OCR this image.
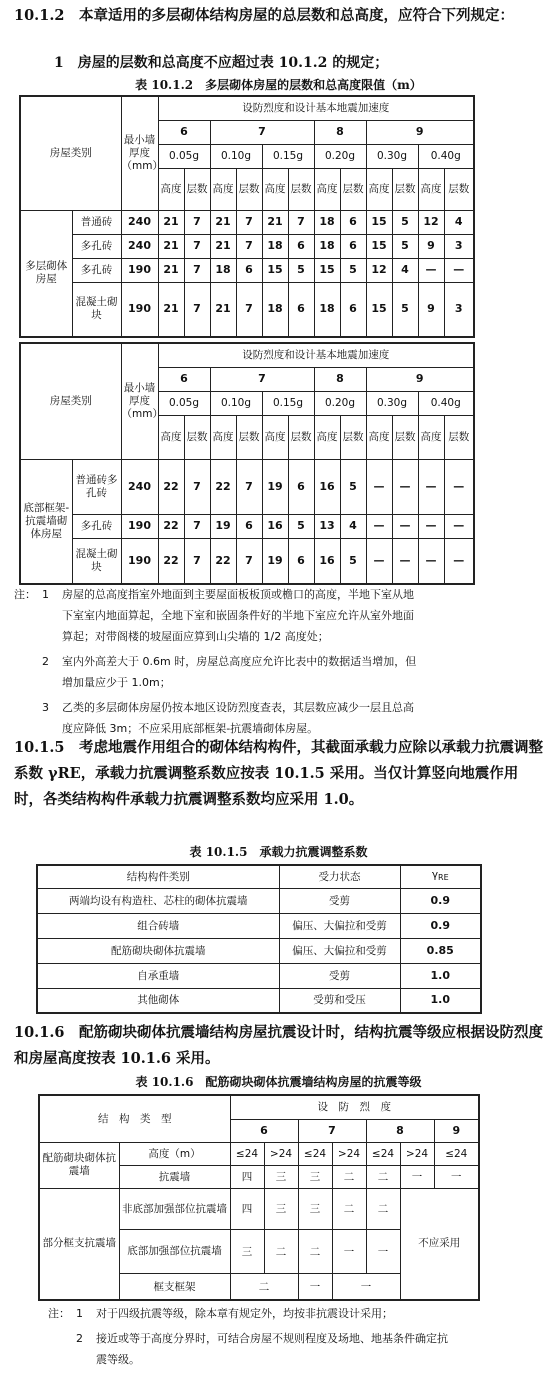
10.1.2　本章适用的多层砌体结构房屋的总层数和总高度，应符合下列规定：

1　房屋的层数和总高度不应超过表 10.1.2 的规定；

表 10.1.2　多层砌体房屋的层数和总高度限值（m）

房屋类别		最小墙厚度（mm）	设防烈度和设计基本地震加速度											
			6		7				8		9			
			0.05g		0.10g		0.15g		0.20g		0.30g		0.40g	
			高度	层数	高度	层数	高度	层数	高度	层数	高度	层数	高度	层数
多层砌体房屋	普通砖	240	21	7	21	7	21	7	18	6	15	5	12	4
	多孔砖	240	21	7	21	7	18	6	18	6	15	5	9	3
	多孔砖	190	21	7	18	6	15	5	15	5	12	4	—	—
	混凝土砌块	190	21	7	21	7	18	6	18	6	15	5	9	3
房屋类别		最小墙厚度（mm）	设防烈度和设计基本地震加速度											
			6		7				8		9			
			0.05g		0.10g		0.15g		0.20g		0.30g		0.40g	
			高度	层数	高度	层数	高度	层数	高度	层数	高度	层数	高度	层数
底部框架-抗震墙砌体房屋	普通砖多孔砖	240	22	7	22	7	19	6	16	5	—	—	—	—
	多孔砖	190	22	7	19	6	16	5	13	4	—	—	—	—
	混凝土砌块	190	22	7	22	7	19	6	16	5	—	—	—	—
注： 1	房屋的总高度指室外地面到主要屋面板板顶或檐口的高度，半地下室从地
下室室内地面算起，全地下室和嵌固条件好的半地下室应允许从室外地面
算起；对带阁楼的坡屋面应算到山尖墙的 1/2 高度处；
2	室内外高差大于 0.6m 时，房屋总高度应允许比表中的数据适当增加，但
增加量应少于 1.0m；
3	乙类的多层砌体房屋仍按本地区设防烈度查表，其层数应减少一层且总高
度应降低 3m；不应采用底部框架-抗震墙砌体房屋。

10.1.5　考虑地震作用组合的砌体结构构件，其截面承载力应除以承载力抗震调整系数 γRE，承载力抗震调整系数应按表 10.1.5 采用。当仅计算竖向地震作用时，各类结构构件承载力抗震调整系数均应采用 1.0。

表 10.1.5　承载力抗震调整系数

结构构件类别	受力状态	γRE
两端均设有构造柱、芯柱的砌体抗震墙	受剪	0.9
组合砖墙	偏压、大偏拉和受剪	0.9
配筋砌块砌体抗震墙	偏压、大偏拉和受剪	0.85
自承重墙	受剪	1.0
其他砌体	受剪和受压	1.0

10.1.6　配筋砌块砌体抗震墙结构房屋抗震设计时，结构抗震等级应根据设防烈度和房屋高度按表 10.1.6 采用。

表 10.1.6　配筋砌块砌体抗震墙结构房屋的抗震等级

结　构　类　型		设　防　烈　度						
		6		7		8		9
配筋砌块砌体抗震墙	高度（m）	≤24	>24	≤24	>24	≤24	>24	≤24
	抗震墙	四	三	三	二	二	一	一
部分框支抗震墙	非底部加强部位抗震墙	四	三	三	二	二	不应采用	
	底部加强部位抗震墙	三	二	二	一	一		
	框支框架	二		一	一			
注： 1	对于四级抗震等级，除本章有规定外，均按非抗震设计采用；
2	接近或等于高度分界时，可结合房屋不规则程度及场地、地基条件确定抗
震等级。
